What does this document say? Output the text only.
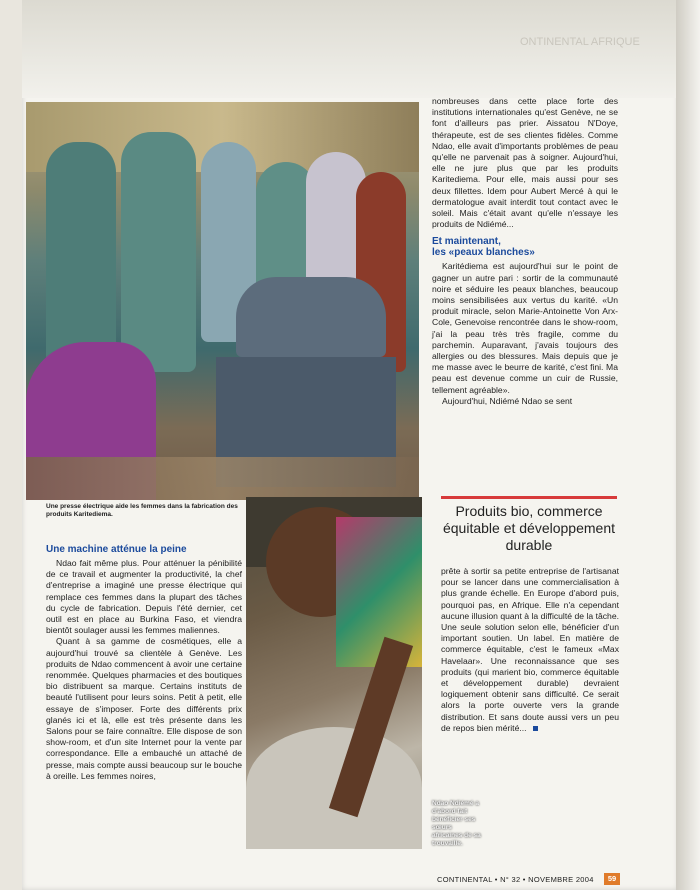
ONTINENTAL AFRIQUE
Une presse électrique aide les femmes dans la fabrication des produits Karitediema.
Ndao Ndiémé a d'abord fait bénéficier ses sœurs africaines de sa trouvaille.
Une machine atténue la peine

Ndao fait même plus. Pour atténuer la pénibilité de ce travail et augmenter la productivité, la chef d'entreprise a imaginé une presse électrique qui remplace ces femmes dans la plupart des tâches du cycle de fabrication. Depuis l'été dernier, cet outil est en place au Burkina Faso, et viendra bientôt soulager aussi les femmes maliennes.

Quant à sa gamme de cosmétiques, elle a aujourd'hui trouvé sa clientèle à Genève. Les produits de Ndao commencent à avoir une certaine renommée. Quelques pharmacies et des boutiques bio distribuent sa marque. Certains instituts de beauté l'utilisent pour leurs soins. Petit à petit, elle essaye de s'imposer. Forte des différents prix glanés ici et là, elle est très présente dans les Salons pour se faire connaître. Elle dispose de son show-room, et d'un site Internet pour la vente par correspondance. Elle a embauché un attaché de presse, mais compte aussi beaucoup sur le bouche à oreille. Les femmes noires,

nombreuses dans cette place forte des institutions internationales qu'est Genève, ne se font d'ailleurs pas prier. Aissatou N'Doye, thérapeute, est de ses clientes fidèles. Comme Ndao, elle avait d'importants problèmes de peau qu'elle ne parvenait pas à soigner. Aujourd'hui, elle ne jure plus que par les produits Karitediema. Pour elle, mais aussi pour ses deux fillettes. Idem pour Aubert Mercé à qui le dermatologue avait interdit tout contact avec le soleil. Mais c'était avant qu'elle n'essaye les produits de Ndiémé...

Et maintenant,
les «peaux blanches»

Karitédiema est aujourd'hui sur le point de gagner un autre pari : sortir de la communauté noire et séduire les peaux blanches, beaucoup moins sensibilisées aux vertus du karité. «Un produit miracle, selon Marie-Antoinette Von Arx-Cole, Genevoise rencontrée dans le show-room, j'ai la peau très très fragile, comme du parchemin. Auparavant, j'avais toujours des allergies ou des blessures. Mais depuis que je me masse avec le beurre de karité, c'est fini. Ma peau est devenue comme un cuir de Russie, tellement agréable».

Aujourd'hui, Ndiémé Ndao se sent

Produits bio, commerce équitable et développement durable

prête à sortir sa petite entreprise de l'artisanat pour se lancer dans une commercialisation à plus grande échelle. En Europe d'abord puis, pourquoi pas, en Afrique. Elle n'a cependant aucune illusion quant à la difficulté de la tâche. Une seule solution selon elle, bénéficier d'un important soutien. Un label. En matière de commerce équitable, c'est le fameux «Max Havelaar». Une reconnaissance que ses produits (qui marient bio, commerce équitable et développement durable) devraient logiquement obtenir sans difficulté. Ce serait alors la porte ouverte vers la grande distribution. Et sans doute aussi vers un peu de repos bien mérité...

CONTINENTAL • N° 32 • NOVEMBRE 2004	59
